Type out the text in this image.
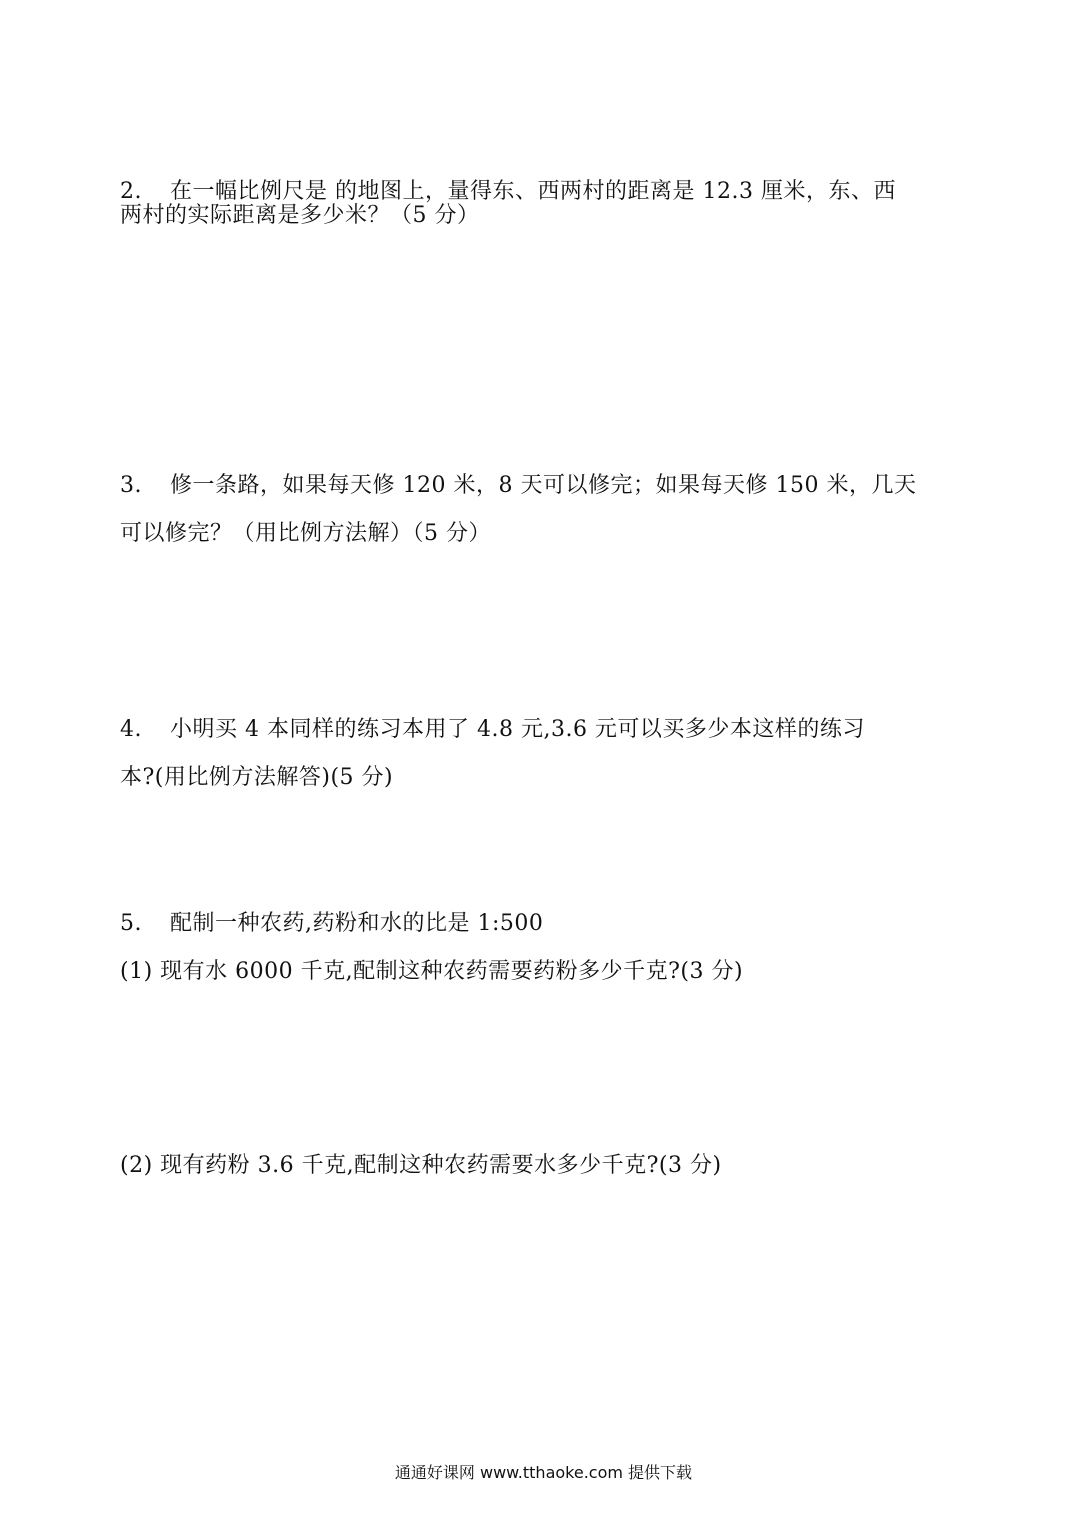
2. 在一幅比例尺是 的地图上，量得东、西两村的距离是 12.3 厘米，东、西
两村的实际距离是多少米？（5 分）
3. 修一条路，如果每天修 120 米，8 天可以修完；如果每天修 150 米，几天
可以修完？（用比例方法解）（5 分）
4. 小明买 4 本同样的练习本用了 4.8 元,3.6 元可以买多少本这样的练习
本?(用比例方法解答)(5 分)
5. 配制一种农药,药粉和水的比是 1:500
(1) 现有水 6000 千克,配制这种农药需要药粉多少千克?(3 分)
(2) 现有药粉 3.6 千克,配制这种农药需要水多少千克?(3 分)
通通好课网 www.tthaoke.com 提供下载
